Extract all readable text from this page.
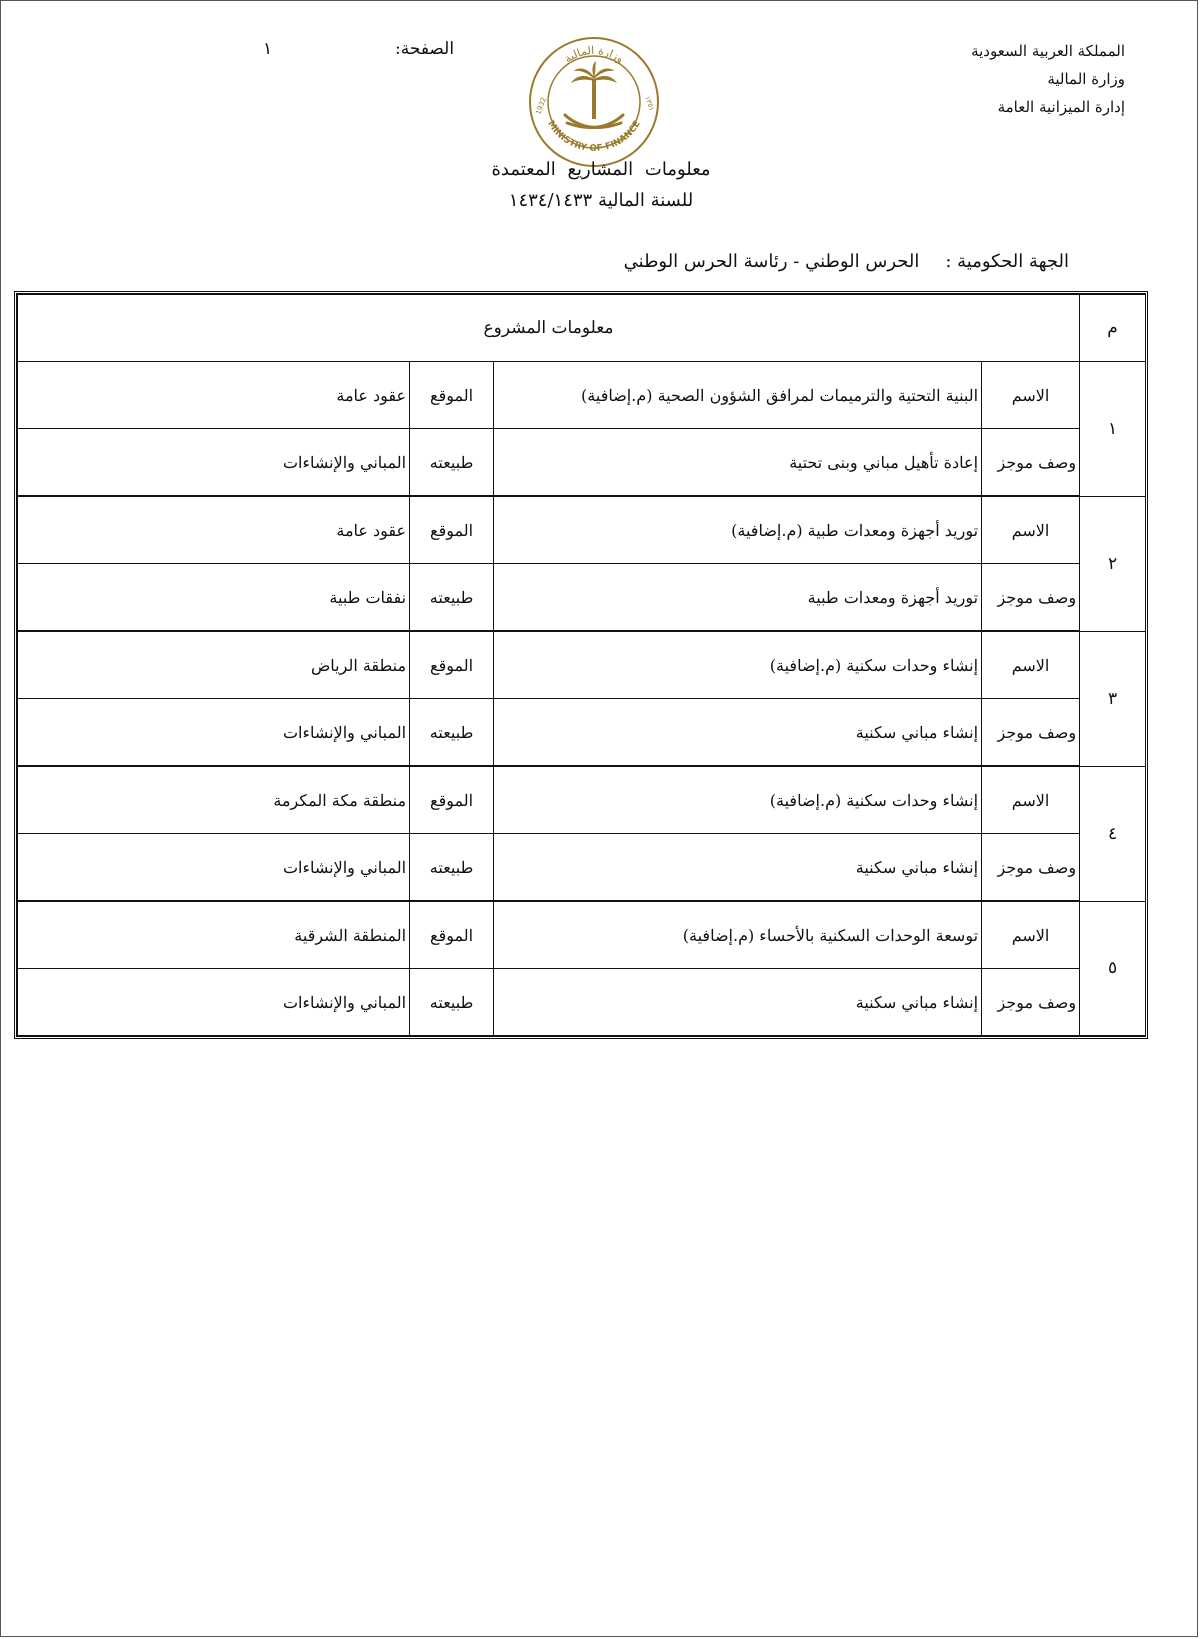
المملكة العربية السعودية
وزارة المالية
إدارة الميزانية العامة
الصفحة:
١	وزارة المالية
MINISTRY OF FINANCE
1932	١٣٥١
معلومات المشاريع المعتمدة
للسنة المالية ١٤٣٤/١٤٣٣
الجهة الحكومية :الحرس الوطني - رئاسة الحرس الوطني
م	معلومات المشروع			
١	الاسم	البنية التحتية والترميمات لمرافق الشؤون الصحية (م.إضافية)	الموقع	عقود عامة
	وصف موجز	إعادة تأهيل مباني وبنى تحتية	طبيعته	المباني والإنشاءات
٢	الاسم	توريد أجهزة ومعدات طبية (م.إضافية)	الموقع	عقود عامة
	وصف موجز	توريد أجهزة ومعدات طبية	طبيعته	نفقات طبية
٣	الاسم	إنشاء وحدات سكنية (م.إضافية)	الموقع	منطقة الرياض
	وصف موجز	إنشاء مباني سكنية	طبيعته	المباني والإنشاءات
٤	الاسم	إنشاء وحدات سكنية (م.إضافية)	الموقع	منطقة مكة المكرمة
	وصف موجز	إنشاء مباني سكنية	طبيعته	المباني والإنشاءات
٥	الاسم	توسعة الوحدات السكنية بالأحساء (م.إضافية)	الموقع	المنطقة الشرقية
	وصف موجز	إنشاء مباني سكنية	طبيعته	المباني والإنشاءات
